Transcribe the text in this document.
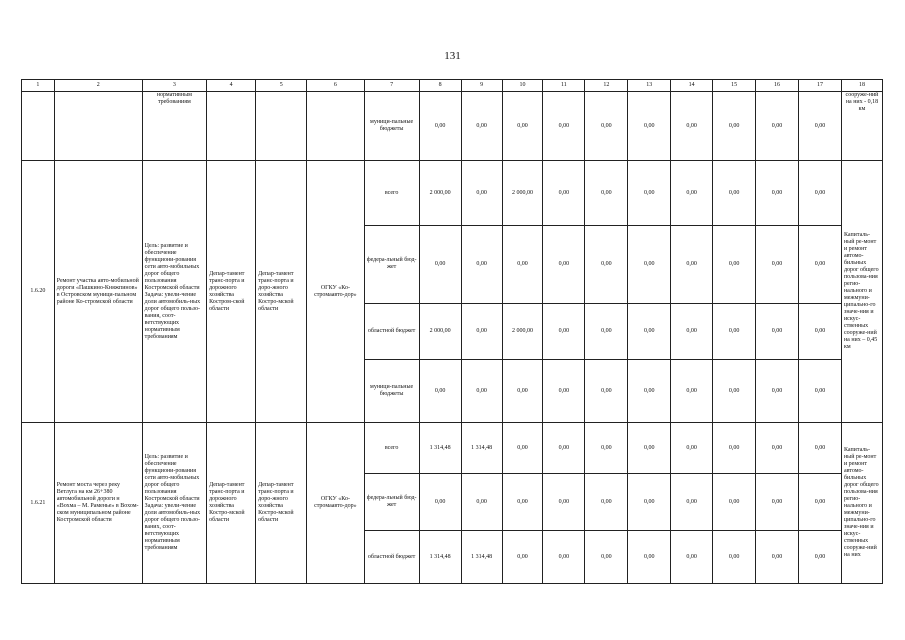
131
1	2	3	4	5	6	7	8	9	10	11	12	13	14	15	16	17	18
		нормативным требованиям				муници-пальные бюджеты	0,00	0,00	0,00	0,00	0,00	0,00	0,00	0,00	0,00	0,00	сооруже-ний на них - 0,18 км
1.6.20	Ремонт участка авто-мобильной дороги «Пашкино-Княжпинов» в Островском муници-пальном районе Ко-стромской области	Цель: развитие и обеспечение функциони-рования сети авто-мобильных дорог общего пользования Костромской области Задача: увели-чение доли автомобиль-ных дорог общего пользо-вания, соот-ветствующих нормативным требованиям	Депар-тамент транс-порта и дорожного хозяйства Костром-ской области	Депар-тамент транс-порта и доро-жного хозяйства Костро-мской области	ОГКУ «Ко-стромаавто-дор»	всего	2 000,00	0,00	2 000,00	0,00	0,00	0,00	0,00	0,00	0,00	0,00	Капиталь-ный ре-монт и ремонт автомо-бильных дорог общего пользова-ния регио-нального и межмуни-ципально-го значе-ния и искус-ственных сооруже-ний на них – 0,45 км
						федера-льный бюд-жет	0,00	0,00	0,00	0,00	0,00	0,00	0,00	0,00	0,00	0,00	
						областной бюджет	2 000,00	0,00	2 000,00	0,00	0,00	0,00	0,00	0,00	0,00	0,00	
						муници-пальные бюджеты	0,00	0,00	0,00	0,00	0,00	0,00	0,00	0,00	0,00	0,00	
1.6.21	Ремонт моста через реку Ветлуга на км 26+380 автомобильной дороги н «Вохма – М. Раменье» в Вохом-ском муниципальном районе Костромской области	Цель: развитие и обеспечение функциони-рования сети авто-мобильных дорог общего пользования Костромской области Задача: увели-чение доли автомобиль-ных дорог общего пользо-ваних, соот-ветствующих нормативным требованиям	Депар-тамент транс-порта и дорожного хозяйства Костро-мской области	Депар-тамент транс-порта и доро-жного хозяйства Костро-мской области	ОГКУ «Ко-стромаавто-дор»	всего	1 314,48	1 314,48	0,00	0,00	0,00	0,00	0,00	0,00	0,00	0,00	Капиталь-ный ре-монт и ремонт автомо-бильных дорог общего пользова-ния регио-нального и межмуни-ципально-го значе-ния и искус-ственных сооруже-ний на них
						федера-льный бюд-жет	0,00	0,00	0,00	0,00	0,00	0,00	0,00	0,00	0,00	0,00	
						областной бюджет	1 314,48	1 314,48	0,00	0,00	0,00	0,00	0,00	0,00	0,00	0,00	
